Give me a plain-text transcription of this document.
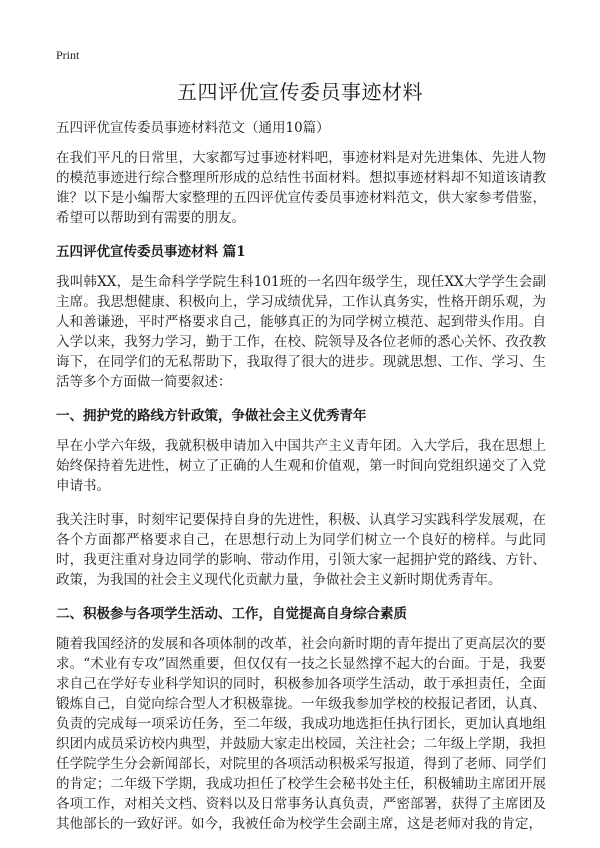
Print
五四评优宣传委员事迹材料

五四评优宣传委员事迹材料范文（通用10篇）

在我们平凡的日常里，大家都写过事迹材料吧，事迹材料是对先进集体、先进人物的模范事迹进行综合整理所形成的总结性书面材料。想拟事迹材料却不知道该请教谁？以下是小编帮大家整理的五四评优宣传委员事迹材料范文，供大家参考借鉴，希望可以帮助到有需要的朋友。

五四评优宣传委员事迹材料 篇1

我叫韩XX，是生命科学学院生科101班的一名四年级学生，现任XX大学学生会副主席。我思想健康、积极向上，学习成绩优异，工作认真务实，性格开朗乐观，为人和善谦逊，平时严格要求自己，能够真正的为同学树立模范、起到带头作用。自入学以来，我努力学习，勤于工作，在校、院领导及各位老师的悉心关怀、孜孜教诲下，在同学们的无私帮助下，我取得了很大的进步。现就思想、工作、学习、生活等多个方面做一简要叙述：

一、拥护党的路线方针政策，争做社会主义优秀青年

早在小学六年级，我就积极申请加入中国共产主义青年团。入大学后，我在思想上始终保持着先进性，树立了正确的人生观和价值观，第一时间向党组织递交了入党申请书。

我关注时事，时刻牢记要保持自身的先进性，积极、认真学习实践科学发展观，在各个方面都严格要求自己，在思想行动上为同学们树立一个良好的榜样。与此同时，我更注重对身边同学的影响、带动作用，引领大家一起拥护党的路线、方针、政策，为我国的社会主义现代化贡献力量，争做社会主义新时期优秀青年。

二、积极参与各项学生活动、工作，自觉提高自身综合素质

随着我国经济的发展和各项体制的改革，社会向新时期的青年提出了更高层次的要求。“术业有专攻”固然重要，但仅仅有一技之长显然撑不起大的台面。于是，我要求自己在学好专业科学知识的同时，积极参加各项学生活动，敢于承担责任，全面锻炼自己，自觉向综合型人才积极靠拢。一年级我参加学校的校报记者团，认真、负责的完成每一项采访任务，至二年级，我成功地选拒任执行团长，更加认真地组织团内成员采访校内典型，并鼓励大家走出校园，关注社会；二年级上学期，我担任学院学生分会新闻部长，对院里的各项活动积极采写报道，得到了老师、同学们的肯定；二年级下学期，我成功担任了校学生会秘书处主任，积极辅助主席团开展各项工作，对相关文档、资料以及日常事务认真负责，严密部署，获得了主席团及其他部长的一致好评。如今，我被任命为校学生会副主席，这是老师对我的肯定，
